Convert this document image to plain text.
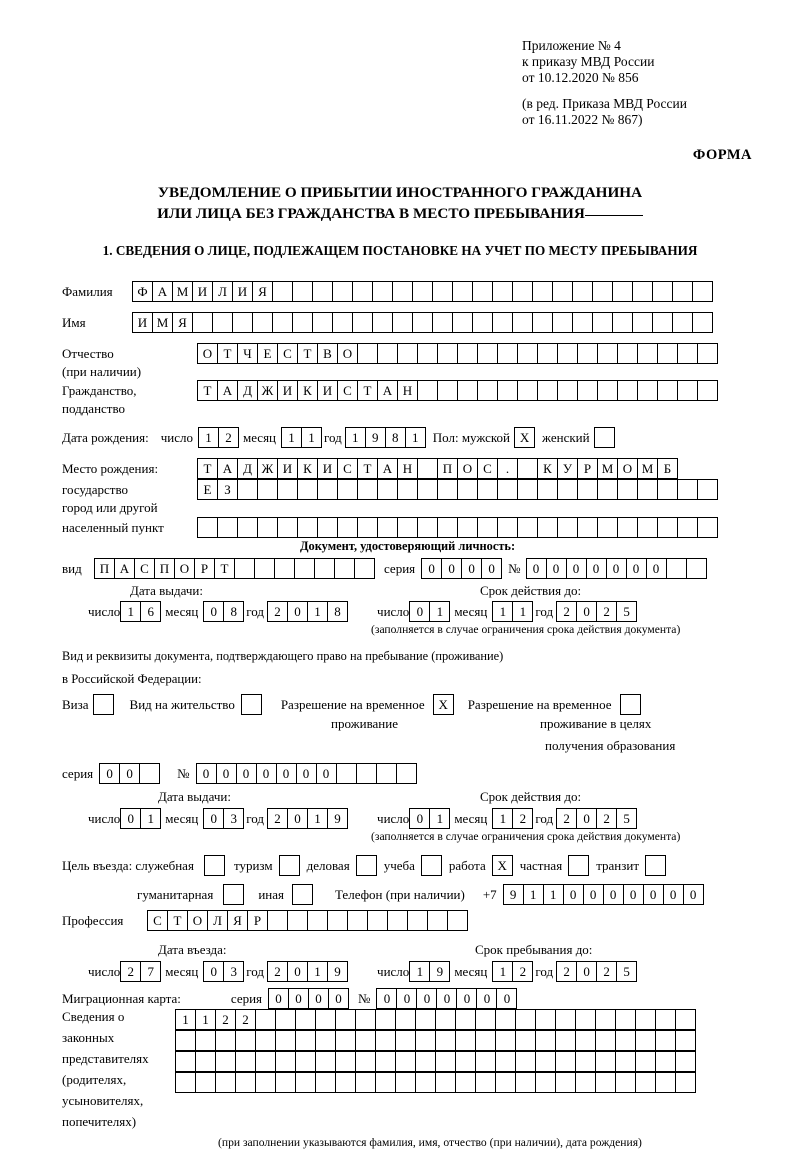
Приложение № 4
к приказу МВД России
от 10.12.2020 № 856
(в ред. Приказа МВД России
от 16.11.2022 № 867)
ФОРМА
УВЕДОМЛЕНИЕ О ПРИБЫТИИ ИНОСТРАННОГО ГРАЖДАНИНА
ИЛИ ЛИЦА БЕЗ ГРАЖДАНСТВА В МЕСТО ПРЕБЫВАНИЯ
1. СВЕДЕНИЯ О ЛИЦЕ, ПОДЛЕЖАЩЕМ ПОСТАНОВКЕ НА УЧЕТ ПО МЕСТУ ПРЕБЫВАНИЯ
Фамилия	Ф А М И Л И Я
Имя	И М Я
Отчество	О Т Ч Е С Т В О
(при наличии)
Гражданство,	Т А Д Ж И К И С Т А Н
подданство
Дата рождения: число 1	2 месяц 1	1 год 1	9	8	1	Пол: мужской Х женский
Место рождения:	Т А Д Ж И К И С Т А Н	П О С	.	К У Р М О М Б
государство	Е З
город или другой
населенный пункт
Документ, удостоверяющий личность:
вид	П А С П О Р Т	серия	0	0	0	0	№ 0	0	0	0	0	0	0
Дата выдачи:	Срок действия до:
число 1	6 месяц 0	8 год 2	0	1	8	число 0	1 месяц 1	1 год 2	0	2	5
(заполняется в случае ограничения срока действия документа)
Вид и реквизиты документа, подтверждающего право на пребывание (проживание)
в Российской Федерации:
Виза	Вид на жительство	Разрешение на временное	Х	Разрешение на временное
проживание	проживание в целях
получения образования
серия	0	0	№	0	0	0	0	0	0	0
Дата выдачи:	Срок действия до:
число 0	1 месяц 0	3 год 2	0	1	9	число 0	1 месяц 1	2 год 2	0	2	5
(заполняется в случае ограничения срока действия документа)
Цель въезда: служебная	туризм	деловая	учеба	работа Х частная	транзит
гуманитарная	иная	Телефон (при наличии) +7	9	1	1	0	0	0	0	0	0	0
Профессия	С Т О Л Я Р
Дата въезда:	Срок пребывания до:
число 2	7 месяц 0	3 год 2	0	1	9	число 1	9 месяц 1	2 год 2	0	2	5
Миграционная карта:	серия	0	0	0	0	№	0	0	0	0	0	0	0
Сведения о
законных
представителях
(родителях,
усыновителях,
попечителях)
1	1	2	2
(при заполнении указываются фамилия, имя, отчество (при наличии), дата рождения)
